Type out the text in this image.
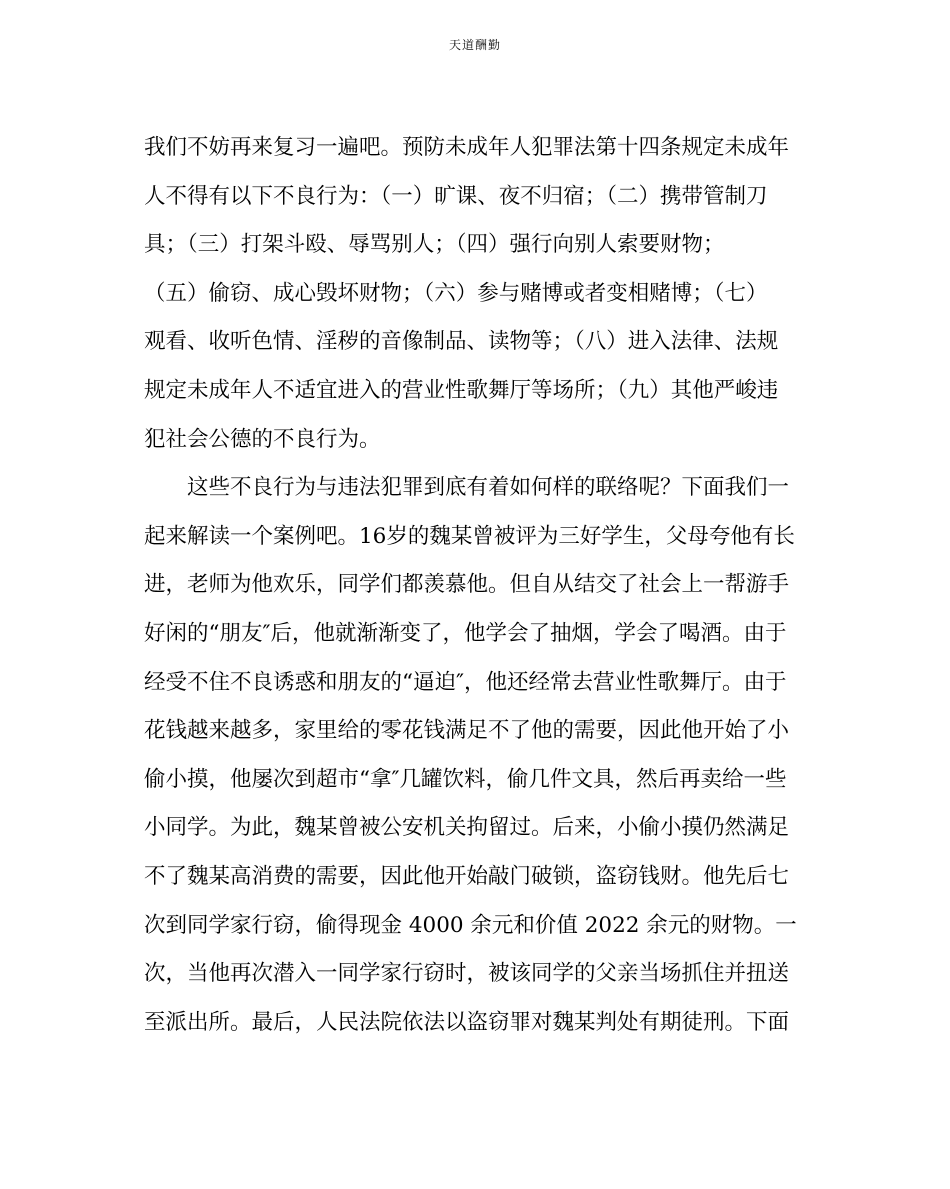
天道酬勤
我们不妨再来复习一遍吧。预防未成年人犯罪法第十四条规定未成年
人不得有以下不良行为：（一）旷课、夜不归宿；（二）携带管制刀
具；（三）打架斗殴、辱骂别人；（四）强行向别人索要财物；
（五）偷窃、成心毁坏财物；（六）参与赌博或者变相赌博；（七）
观看、收听色情、淫秽的音像制品、读物等；（八）进入法律、法规
规定未成年人不适宜进入的营业性歌舞厅等场所；（九）其他严峻违
犯社会公德的不良行为。
这些不良行为与违法犯罪到底有着如何样的联络呢？下面我们一
起来解读一个案例吧。16岁的魏某曾被评为三好学生，父母夸他有长
进，老师为他欢乐，同学们都羡慕他。但自从结交了社会上一帮游手
好闲的“朋友″后，他就渐渐变了，他学会了抽烟，学会了喝酒。由于
经受不住不良诱惑和朋友的“逼迫″，他还经常去营业性歌舞厅。由于
花钱越来越多，家里给的零花钱满足不了他的需要，因此他开始了小
偷小摸，他屡次到超市“拿″几罐饮料，偷几件文具，然后再卖给一些
小同学。为此，魏某曾被公安机关拘留过。后来，小偷小摸仍然满足
不了魏某高消费的需要，因此他开始敲门破锁，盗窃钱财。他先后七
次到同学家行窃，偷得现金 4000 余元和价值 2022 余元的财物。一
次，当他再次潜入一同学家行窃时，被该同学的父亲当场抓住并扭送
至派出所。最后，人民法院依法以盗窃罪对魏某判处有期徒刑。下面
